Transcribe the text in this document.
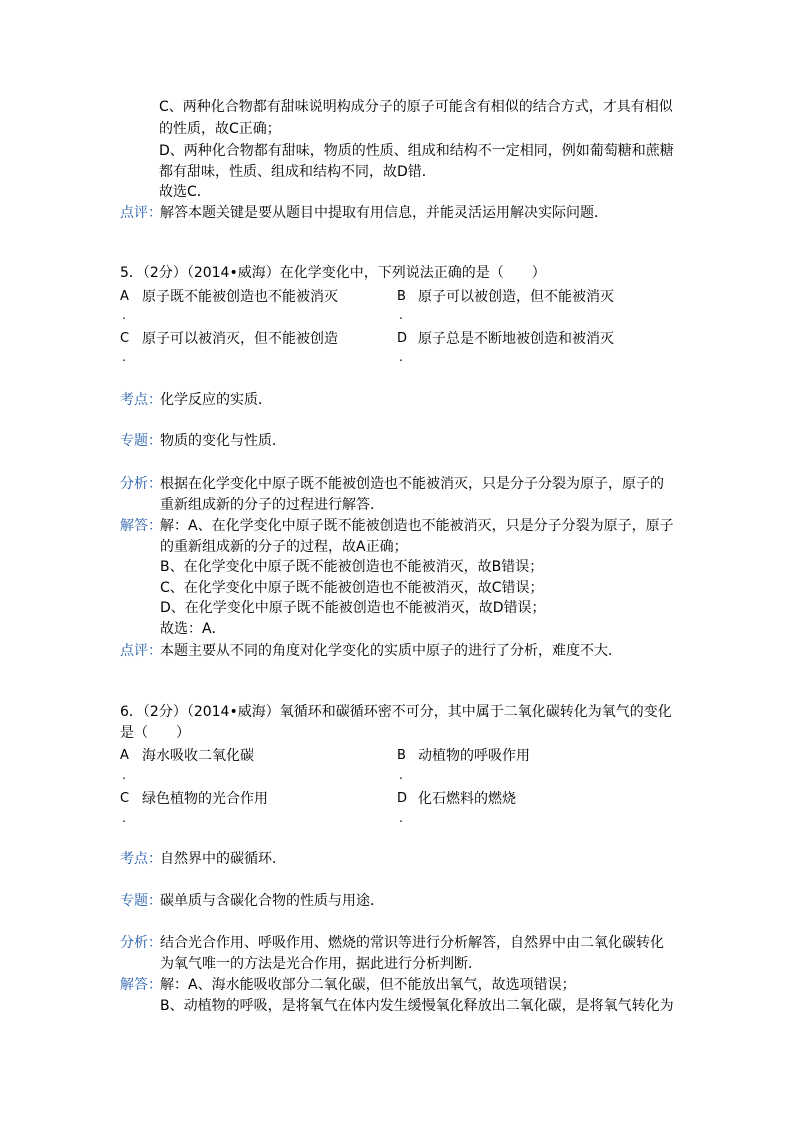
C、两种化合物都有甜味说明构成分子的原子可能含有相似的结合方式，才具有相似
的性质，故C正确；
D、两种化合物都有甜味，物质的性质、组成和结构不一定相同，例如葡萄糖和蔗糖
都有甜味，性质、组成和结构不同，故D错．
故选C．
点评：
解答本题关键是要从题目中提取有用信息，并能灵活运用解决实际问题．
5．（2分）（2014•威海）在化学变化中，下列说法正确的是（　　）
A
.
原子既不能被创造也不能被消灭	B
.
原子可以被创造，但不能被消灭
C
.
原子可以被消灭，但不能被创造	D
.
原子总是不断地被创造和被消灭
考点：
化学反应的实质．
专题：
物质的变化与性质．
分析：
根据在化学变化中原子既不能被创造也不能被消灭，只是分子分裂为原子，原子的
重新组成新的分子的过程进行解答．
解答：
解：A、在化学变化中原子既不能被创造也不能被消灭，只是分子分裂为原子，原子
的重新组成新的分子的过程，故A正确；
B、在化学变化中原子既不能被创造也不能被消灭，故B错误；
C、在化学变化中原子既不能被创造也不能被消灭，故C错误；
D、在化学变化中原子既不能被创造也不能被消灭，故D错误；
故选：A．
点评：
本题主要从不同的角度对化学变化的实质中原子的进行了分析，难度不大．
6．（2分）（2014•威海）氧循环和碳循环密不可分，其中属于二氧化碳转化为氧气的变化
是（　　）
A
.
海水吸收二氧化碳	B
.
动植物的呼吸作用
C
.
绿色植物的光合作用	D
.
化石燃料的燃烧
考点：
自然界中的碳循环．
专题：
碳单质与含碳化合物的性质与用途．
分析：
结合光合作用、呼吸作用、燃烧的常识等进行分析解答，自然界中由二氧化碳转化
为氧气唯一的方法是光合作用，据此进行分析判断．
解答：
解：A、海水能吸收部分二氧化碳，但不能放出氧气，故选项错误；
B、动植物的呼吸，是将氧气在体内发生缓慢氧化释放出二氧化碳，是将氧气转化为
